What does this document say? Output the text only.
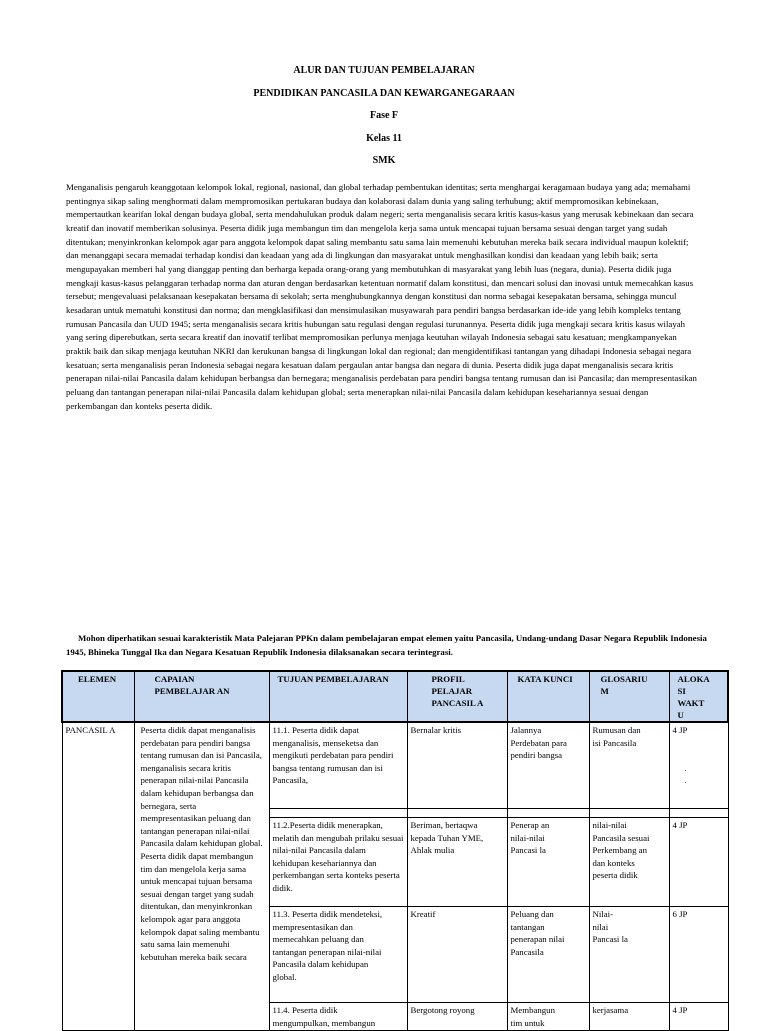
ALUR DAN TUJUAN PEMBELAJARAN

PENDIDIKAN PANCASILA DAN KEWARGANEGARAAN

Fase F

Kelas 11

SMK

Menganalisis pengaruh keanggotaan kelompok lokal, regional, nasional, dan global terhadap pembentukan identitas; serta menghargai keragamaan budaya yang ada; memahami pentingnya sikap saling menghormati dalam mempromosikan pertukaran budaya dan kolaborasi dalam dunia yang saling terhubung; aktif mempromosikan kebinekaan, mempertautkan kearifan lokal dengan budaya global, serta mendahulukan produk dalam negeri; serta menganalisis secara kritis kasus-kasus yang merusak kebinekaan dan secara kreatif dan inovatif memberikan solusinya. Peserta didik juga membangun tim dan mengelola kerja sama untuk mencapai tujuan bersama sesuai dengan target yang sudah ditentukan; menyinkronkan kelompok agar para anggota kelompok dapat saling membantu satu sama lain memenuhi kebutuhan mereka baik secara individual maupun kolektif; dan menanggapi secara memadai terhadap kondisi dan keadaan yang ada di lingkungan dan masyarakat untuk menghasilkan kondisi dan keadaan yang lebih baik; serta mengupayakan memberi hal yang dianggap penting dan berharga kepada orang-orang yang membutuhkan di masyarakat yang lebih luas (negara, dunia). Peserta didik juga mengkaji kasus-kasus pelanggaran terhadap norma dan aturan dengan berdasarkan ketentuan normatif dalam konstitusi, dan mencari solusi dan inovasi untuk memecahkan kasus tersebut; mengevaluasi pelaksanaan kesepakatan bersama di sekolah; serta menghubungkannya dengan konstitusi dan norma sebagai kesepakatan bersama, sehingga muncul kesadaran untuk mematuhi konstitusi dan norma; dan mengklasifikasi dan mensimulasikan musyawarah para pendiri bangsa berdasarkan ide-ide yang lebih kompleks tentang rumusan Pancasila dan UUD 1945; serta menganalisis secara kritis hubungan satu regulasi dengan regulasi turunannya. Peserta didik juga mengkaji secara kritis kasus wilayah yang sering diperebutkan, serta secara kreatif dan inovatif terlibat mempromosikan perlunya menjaga keutuhan wilayah Indonesia sebagai satu kesatuan; mengkampanyekan praktik baik dan sikap menjaga keutuhan NKRI dan kerukunan bangsa di lingkungan lokal dan regional; dan mengidentifikasi tantangan yang dihadapi Indonesia sebagai negara kesatuan; serta menganalisis peran Indonesia sebagai negara kesatuan dalam pergaulan antar bangsa dan negara di dunia. Peserta didik juga dapat menganalisis secara kritis penerapan nilai-nilai Pancasila dalam kehidupan berbangsa dan bernegara; menganalisis perdebatan para pendiri bangsa tentang rumusan dan isi Pancasila; dan mempresentasikan peluang dan tantangan penerapan nilai-nilai Pancasila dalam kehidupan global; serta menerapkan nilai-nilai Pancasila dalam kehidupan kesehariannya sesuai dengan perkembangan dan konteks peserta didik.

Mohon diperhatikan sesuai karakteristik Mata Palejaran PPKn dalam pembelajaran empat elemen yaitu Pancasila, Undang-undang Dasar Negara Republik Indonesia 1945, Bhineka Tunggal Ika dan Negara Kesatuan Republik Indonesia dilaksanakan secara terintegrasi.

ELEMEN	CAPAIAN PEMBELAJAR AN	TUJUAN PEMBELAJARAN	PROFIL PELAJAR PANCASIL A	KATA KUNCI	GLOSARIU M	ALOKA SI WAKT U
PANCASIL A	Peserta didik dapat menganalisis perdebatan para pendiri bangsa tentang rumusan dan isi Pancasila, menganalisis secara kritis penerapan nilai-nilai Pancasila dalam kehidupan berbangsa dan bernegara, serta mempresentasikan peluang dan tantangan penerapan nilai-nilai Pancasila dalam kehidupan global. Peserta didik dapat membangun tim dan mengelola kerja sama untuk mencapai tujuan bersama sesuai dengan target yang sudah ditentukan, dan menyinkronkan kelompok agar para anggota kelompok dapat saling membantu satu sama lain memenuhi kebutuhan mereka baik secara	11.1. Peserta didik dapat menganalisis, menseketsa dan mengikuti perdebatan para pendiri bangsa tentang rumusan dan isi Pancasila,	Bernalar kritis	Jalannya Perdebatan para pendiri bangsa	Rumusan dan isi Pancasila	4 JP
. .

		11.2.Peserta didik menerapkan, melatih dan mengubah prilaku sesuai nilai-nilai Pancasila dalam kehidupan kesehariannya dan perkembangan serta konteks peserta didik.	Beriman, bertaqwa kepada Tuhan YME, Ahlak mulia	Penerap an nilai-nilai Pancasi la	nilai-nilai Pancasila sesuai Perkembang an dan konteks peserta didik	4 JP
		11.3. Peserta didik mendeteksi, mempresentasikan dan memecahkan peluang dan tantangan penerapan nilai-nilai Pancasila dalam kehidupan global.	Kreatif	Peluang dan tantangan penerapan nilai Pancasila	Nilai-nilai Pancasi la	6 JP
		11.4. Peserta didik mengumpulkan, membangun	Bergotong royong	Membangun tim untuk	kerjasama	4 JP
